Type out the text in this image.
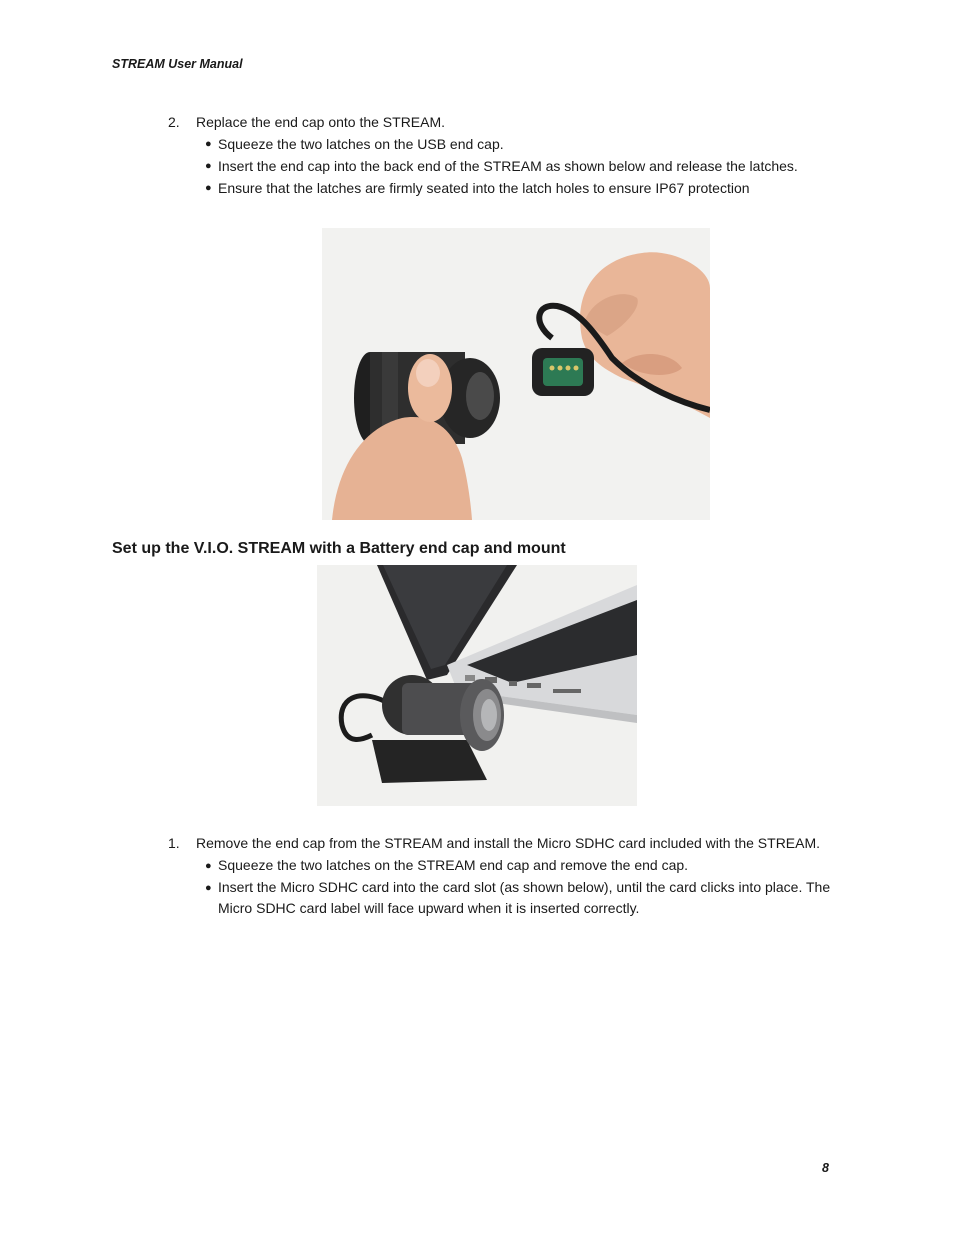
STREAM User Manual
2. Replace the end cap onto the STREAM.
● Squeeze the two latches on the USB end cap.
● Insert the end cap into the back end of the STREAM as shown below and release the latches.
● Ensure that the latches are firmly seated into the latch holes to ensure IP67 protection
Set up the V.I.O. STREAM with a Battery end cap and mount
1. Remove the end cap from the STREAM and install the Micro SDHC card included with the STREAM.
● Squeeze the two latches on the STREAM end cap and remove the end cap.
● Insert the Micro SDHC card into the card slot (as shown below), until the card clicks into place. The Micro SDHC card label will face upward when it is inserted correctly.
8
